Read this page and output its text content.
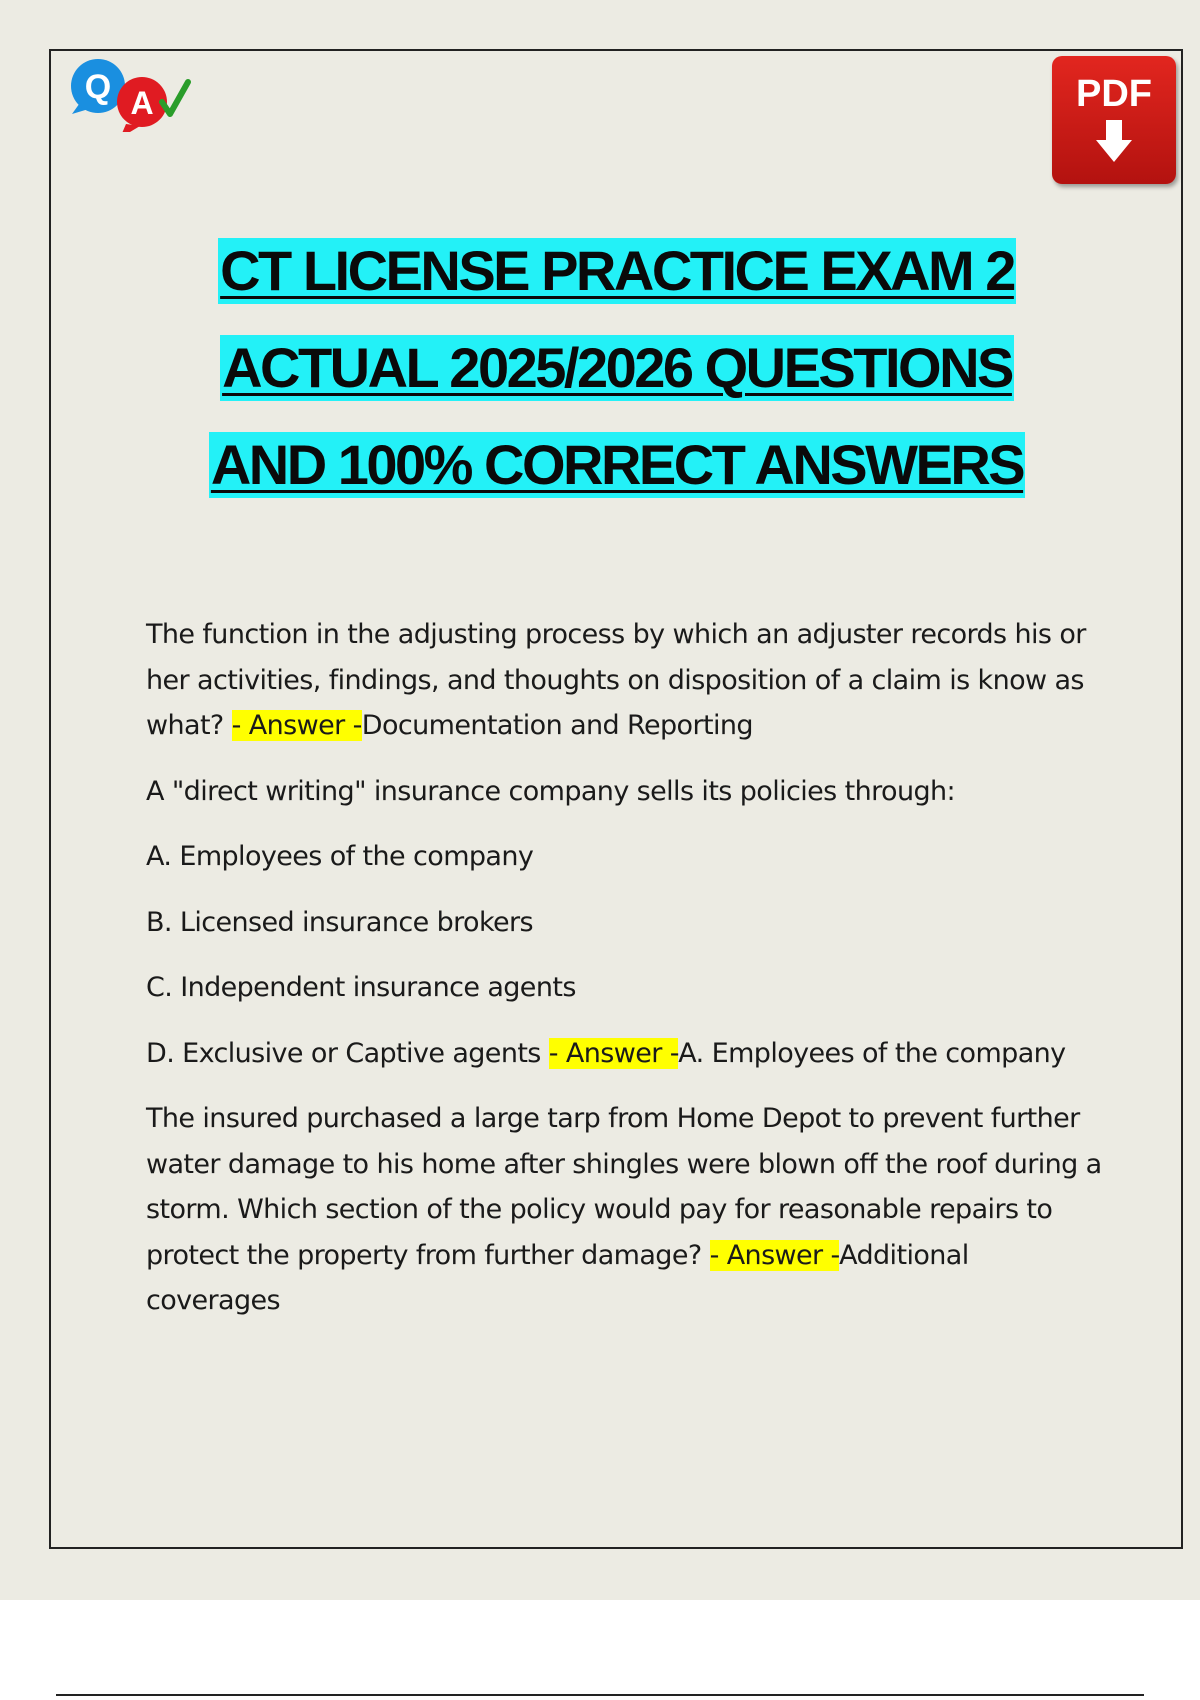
Q A	PDF
CT LICENSE PRACTICE EXAM 2
ACTUAL 2025/2026 QUESTIONS
AND 100% CORRECT ANSWERS

The function in the adjusting process by which an adjuster records his or her activities, findings, and thoughts on disposition of a claim is know as what? - Answer -Documentation and Reporting

A "direct writing" insurance company sells its policies through:

A. Employees of the company

B. Licensed insurance brokers

C. Independent insurance agents

D. Exclusive or Captive agents - Answer -A. Employees of the company

The insured purchased a large tarp from Home Depot to prevent further water damage to his home after shingles were blown off the roof during a storm. Which section of the policy would pay for reasonable repairs to protect the property from further damage? - Answer -Additional coverages
